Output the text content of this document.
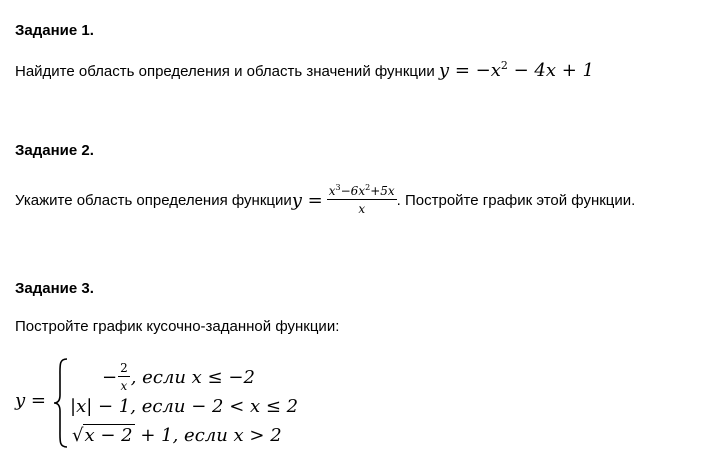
Задание 1.
Найдите область определения и область значений функции $y = -x^2 - 4x + 1$
Задание 2.
Укажите область определения функции $y = \frac{x^3-6x^2+5x}{x}$ . Постройте график этой функции.
Задание 3.
Постройте график кусочно-заданной функции:
y =
− $\frac{2}{x}$ , если x ≤ −2
|x| − 1, если − 2 < x ≤ 2
√x − 2 + 1, если x > 2
